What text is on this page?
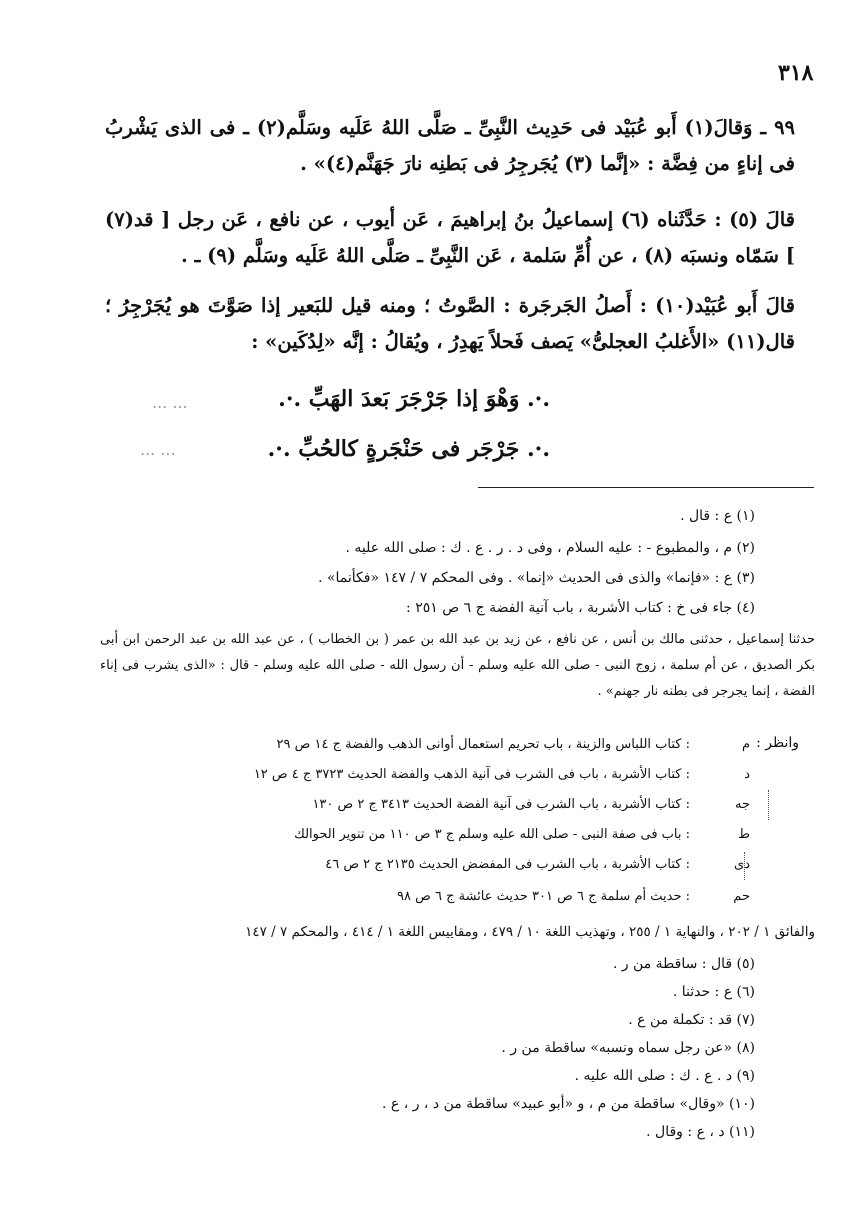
٣١٨
٩٩ ـ وَقالَ(١) أَبو عُبَيْد فى حَدِيث النَّبِىِّ ـ صَلَّى اللهُ عَلَيه وسَلَّم(٢) ـ فى الذى يَشْربُ فى إناءٍ من فِضَّة : «إنَّما (٣) يُجَرجِرُ فى بَطنِه نارَ جَهَنَّم(٤)» .
قالَ (٥) : حَدَّثَناه (٦) إسماعيلُ بنُ إبراهيمَ ، عَن أيوب ، عن نافع ، عَن رجل [ قد(٧) ] سَمّاه ونسبَه (٨) ، عن أُمِّ سَلمة ، عَن النَّبِىِّ ـ صَلَّى اللهُ عَلَيه وسَلَّم (٩) ـ .
قالَ أَبو عُبَيْد(١٠) : أَصلُ الجَرجَرة : الصَّوتُ ؛ ومنه قيل للبَعير إذا صَوَّتَ هو يُجَرْجِرُ ؛ قال(١١) «الأَغلبُ العجلىُّ» يَصف فَحلاً يَهدِرُ ، ويُقالُ : إنَّه «لِدُكَين» :
.·. وَهْوَ إذا جَرْجَرَ بَعدَ الهَبِّ .·.
.·. جَرْجَر فى حَنْجَرةٍ كالحُبِّ .·.
... ...
... ...
(١) ع : قال .
(٢) م ، والمطبوع - : عليه السلام ، وفى د . ر . ع . ك : صلى الله عليه .
(٣) ع : «فإنما» والذى فى الحديث «إنما» . وفى المحكم ٧ / ١٤٧ «فكأنما» .
(٤) جاء فى خ : كتاب الأشربة ، باب آنية الفضة ج ٦ ص ٢٥١ :
حدثنا إسماعيل ، حدثنى مالك بن أنس ، عن نافع ، عن زيد بن عبد الله بن عمر ( بن الخطاب ) ، عن عبد الله بن عبد الرحمن ابن أبى بكر الصديق ، عن أم سلمة ، زوج النبى - صلى الله عليه وسلم - أن رسول الله - صلى الله عليه وسلم - قال : «الذى يشرب فى إناء الفضة ، إنما يجرجر فى بطنه نار جهنم» .
وانظر :
م
: كتاب اللباس والزينة ، باب تحريم استعمال أوانى الذهب والفضة ج ١٤ ص ٢٩
د
: كتاب الأشربة ، باب فى الشرب فى آنية الذهب والفضة الحديث ٣٧٢٣ ج ٤ ص ١٢
جه
: كتاب الأشربة ، باب الشرب فى آنية الفضة الحديث ٣٤١٣ ج ٢ ص ١٣٠
ط
: باب فى صفة النبى - صلى الله عليه وسلم ج ٣ ص ١١٠ من تنوير الحوالك
دى
: كتاب الأشربة ، باب الشرب فى المفضض الحديث ٢١٣٥ ج ٢ ص ٤٦
حم
: حديث أم سلمة ج ٦ ص ٣٠١ حديث عائشة ج ٦ ص ٩٨
والفائق ١ / ٢٠٢ ، والنهاية ١ / ٢٥٥ ، وتهذيب اللغة ١٠ / ٤٧٩ ، ومقاييس اللغة ١ / ٤١٤ ، والمحكم ٧ / ١٤٧
(٥) قال : ساقطة من ر .
(٦) ع : حدثنا .
(٧) قد : تكملة من ع .
(٨) «عن رجل سماه ونسبه» ساقطة من ر .
(٩) د . ع . ك : صلى الله عليه .
(١٠) «وقال» ساقطة من م ، و «أبو عبيد» ساقطة من د ، ر ، ع .
(١١) د ، ع : وقال .
